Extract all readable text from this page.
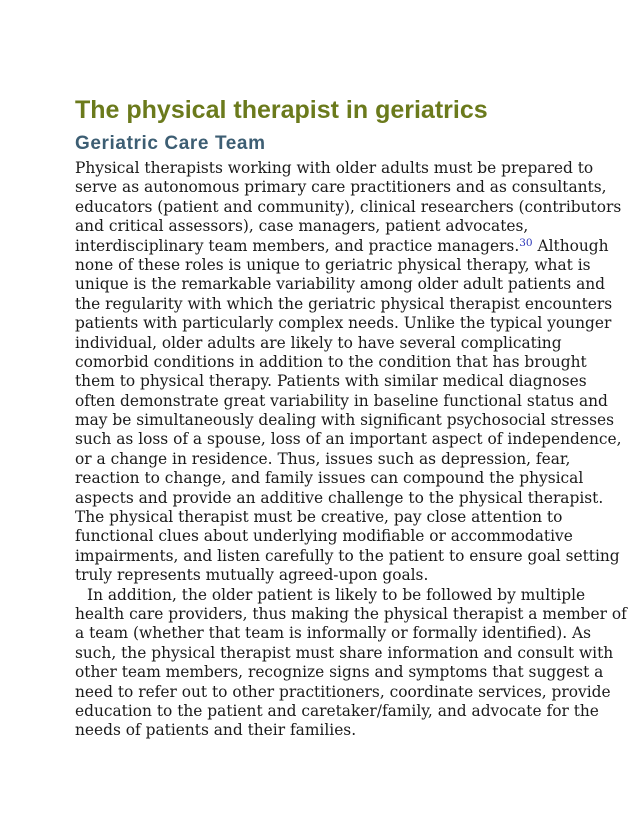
The physical therapist in geriatrics
Geriatric Care Team
Physical therapists working with older adults must be prepared to
serve as autonomous primary care practitioners and as consultants,
educators (patient and community), clinical researchers (contributors
and critical assessors), case managers, patient advocates,
interdisciplinary team members, and practice managers.$^{30}$ Although
none of these roles is unique to geriatric physical therapy, what is
unique is the remarkable variability among older adult patients and
the regularity with which the geriatric physical therapist encounters
patients with particularly complex needs. Unlike the typical younger
individual, older adults are likely to have several complicating
comorbid conditions in addition to the condition that has brought
them to physical therapy. Patients with similar medical diagnoses
often demonstrate great variability in baseline functional status and
may be simultaneously dealing with significant psychosocial stresses
such as loss of a spouse, loss of an important aspect of independence,
or a change in residence. Thus, issues such as depression, fear,
reaction to change, and family issues can compound the physical
aspects and provide an additive challenge to the physical therapist.
The physical therapist must be creative, pay close attention to
functional clues about underlying modifiable or accommodative
impairments, and listen carefully to the patient to ensure goal setting
truly represents mutually agreed-upon goals.
In addition, the older patient is likely to be followed by multiple
health care providers, thus making the physical therapist a member of
a team (whether that team is informally or formally identified). As
such, the physical therapist must share information and consult with
other team members, recognize signs and symptoms that suggest a
need to refer out to other practitioners, coordinate services, provide
education to the patient and caretaker/family, and advocate for the
needs of patients and their families.
